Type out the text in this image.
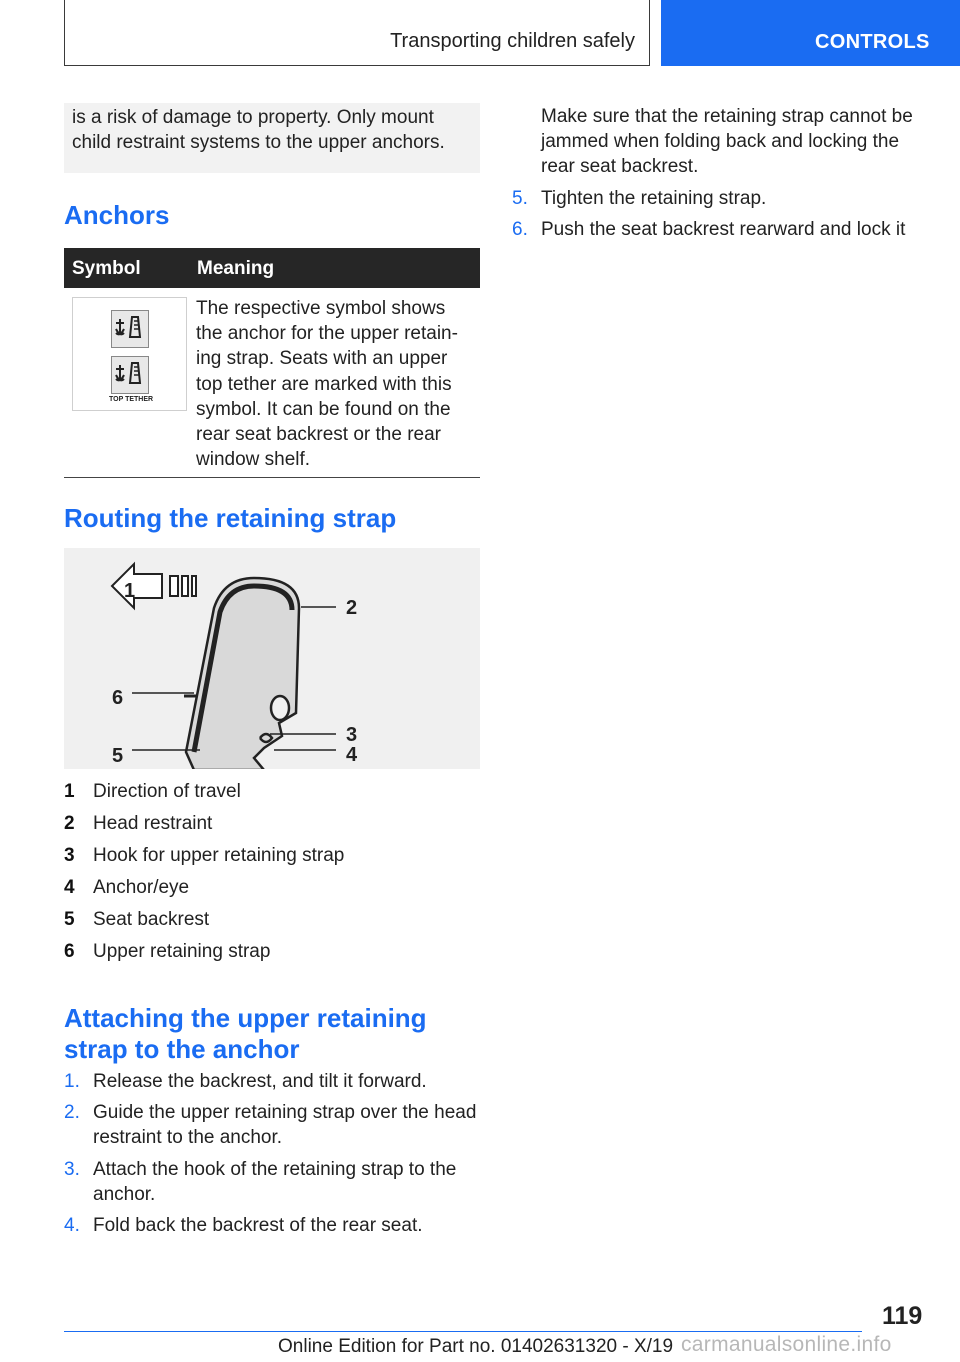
Transporting children safely	CONTROLS

is a risk of damage to property. Only mount child restraint systems to the upper anchors.

Anchors
Symbol	Meaning
TOP TETHER

The respective symbol shows the anchor for the upper retain- ing strap. Seats with an upper top tether are marked with this symbol. It can be found on the rear seat backrest or the rear window shelf.

Routing the retaining strap
1
2
3
4
5
6
1 Direction of travel
2 Head restraint
3 Hook for upper retaining strap
4 Anchor/eye
5 Seat backrest
6 Upper retaining strap
Attaching the upper retaining strap to the anchor
1. Release the backrest, and tilt it forward.
2. Guide the upper retaining strap over the head restraint to the anchor.
3. Attach the hook of the retaining strap to the anchor.
4. Fold back the backrest of the rear seat.

Make sure that the retaining strap cannot be jammed when folding back and locking the rear seat backrest.

5. Tighten the retaining strap.
6. Push the seat backrest rearward and lock it
119
Online Edition for Part no. 01402631320 - X/19 carmanualsonline.info
